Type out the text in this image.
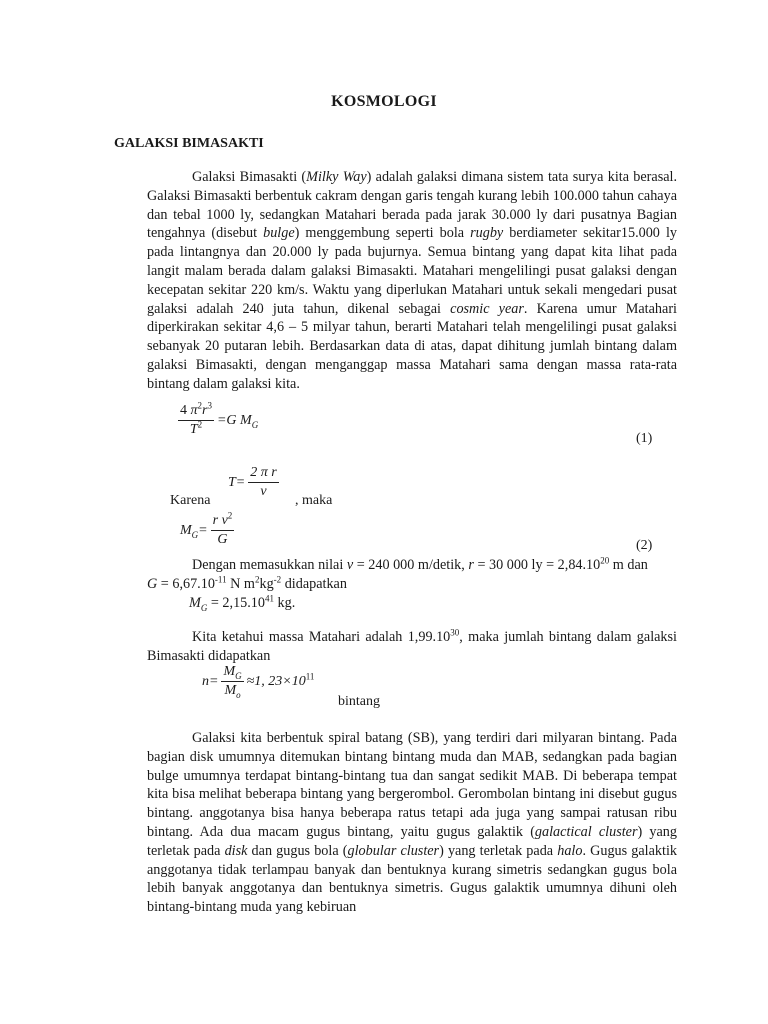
KOSMOLOGI
GALAKSI BIMASAKTI

Galaksi Bimasakti (Milky Way) adalah galaksi dimana sistem tata surya kita berasal. Galaksi Bimasakti berbentuk cakram dengan garis tengah kurang lebih 100.000 tahun cahaya dan tebal 1000 ly, sedangkan Matahari berada pada jarak 30.000 ly dari pusatnya Bagian tengahnya (disebut bulge) menggembung seperti bola rugby berdiameter sekitar15.000 ly pada lintangnya dan 20.000 ly pada bujurnya. Semua bintang yang dapat kita lihat pada langit malam berada dalam galaksi Bimasakti. Matahari mengelilingi pusat galaksi dengan kecepatan sekitar 220 km/s. Waktu yang diperlukan Matahari untuk sekali mengedari pusat galaksi adalah 240 juta tahun, dikenal sebagai cosmic year. Karena umur Matahari diperkirakan sekitar 4,6 – 5 milyar tahun, berarti Matahari telah mengelilingi pusat galaksi sebanyak 20 putaran lebih. Berdasarkan data di atas, dapat dihitung jumlah bintang dalam galaksi Bimasakti, dengan menganggap massa Matahari sama dengan massa rata-rata bintang dalam galaksi kita.

$\frac{4 \pi^2r^3}{T^2} =G$ $M_G$
(1)
Karena
$T= \frac{\text{2 π r}}{v}$
, maka
$M_G= \frac{r v^2}{G}$	(2)

Dengan memasukkan nilai v = 240 000 m/detik, r = 30 000 ly = $2,84.10^{20}$ m dan

$G = 6,67.10^{-11}$ N $m^2kg^{-2}$ didapatkan

$M_G = 2,15.10^{41}$ kg.

Kita ketahui massa Matahari adalah 1,99.10$^{30}$, maka jumlah bintang dalam galaksi Bimasakti didapatkan

$n= \frac{M_G}{M_o} \approx 1$, $23\times 10^{11}$
bintang

Galaksi kita berbentuk spiral batang (SB), yang terdiri dari milyaran bintang. Pada bagian disk umumnya ditemukan bintang bintang muda dan MAB, sedangkan pada bagian bulge umumnya terdapat bintang-bintang tua dan sangat sedikit MAB. Di beberapa tempat kita bisa melihat beberapa bintang yang bergerombol. Gerombolan bintang ini disebut gugus bintang. anggotanya bisa hanya beberapa ratus tetapi ada juga yang sampai ratusan ribu bintang. Ada dua macam gugus bintang, yaitu gugus galaktik (galactical cluster) yang terletak pada disk dan gugus bola (globular cluster) yang terletak pada halo. Gugus galaktik anggotanya tidak terlampau banyak dan bentuknya kurang simetris sedangkan gugus bola lebih banyak anggotanya dan bentuknya simetris. Gugus galaktik umumnya dihuni oleh bintang-bintang muda yang kebiruan
